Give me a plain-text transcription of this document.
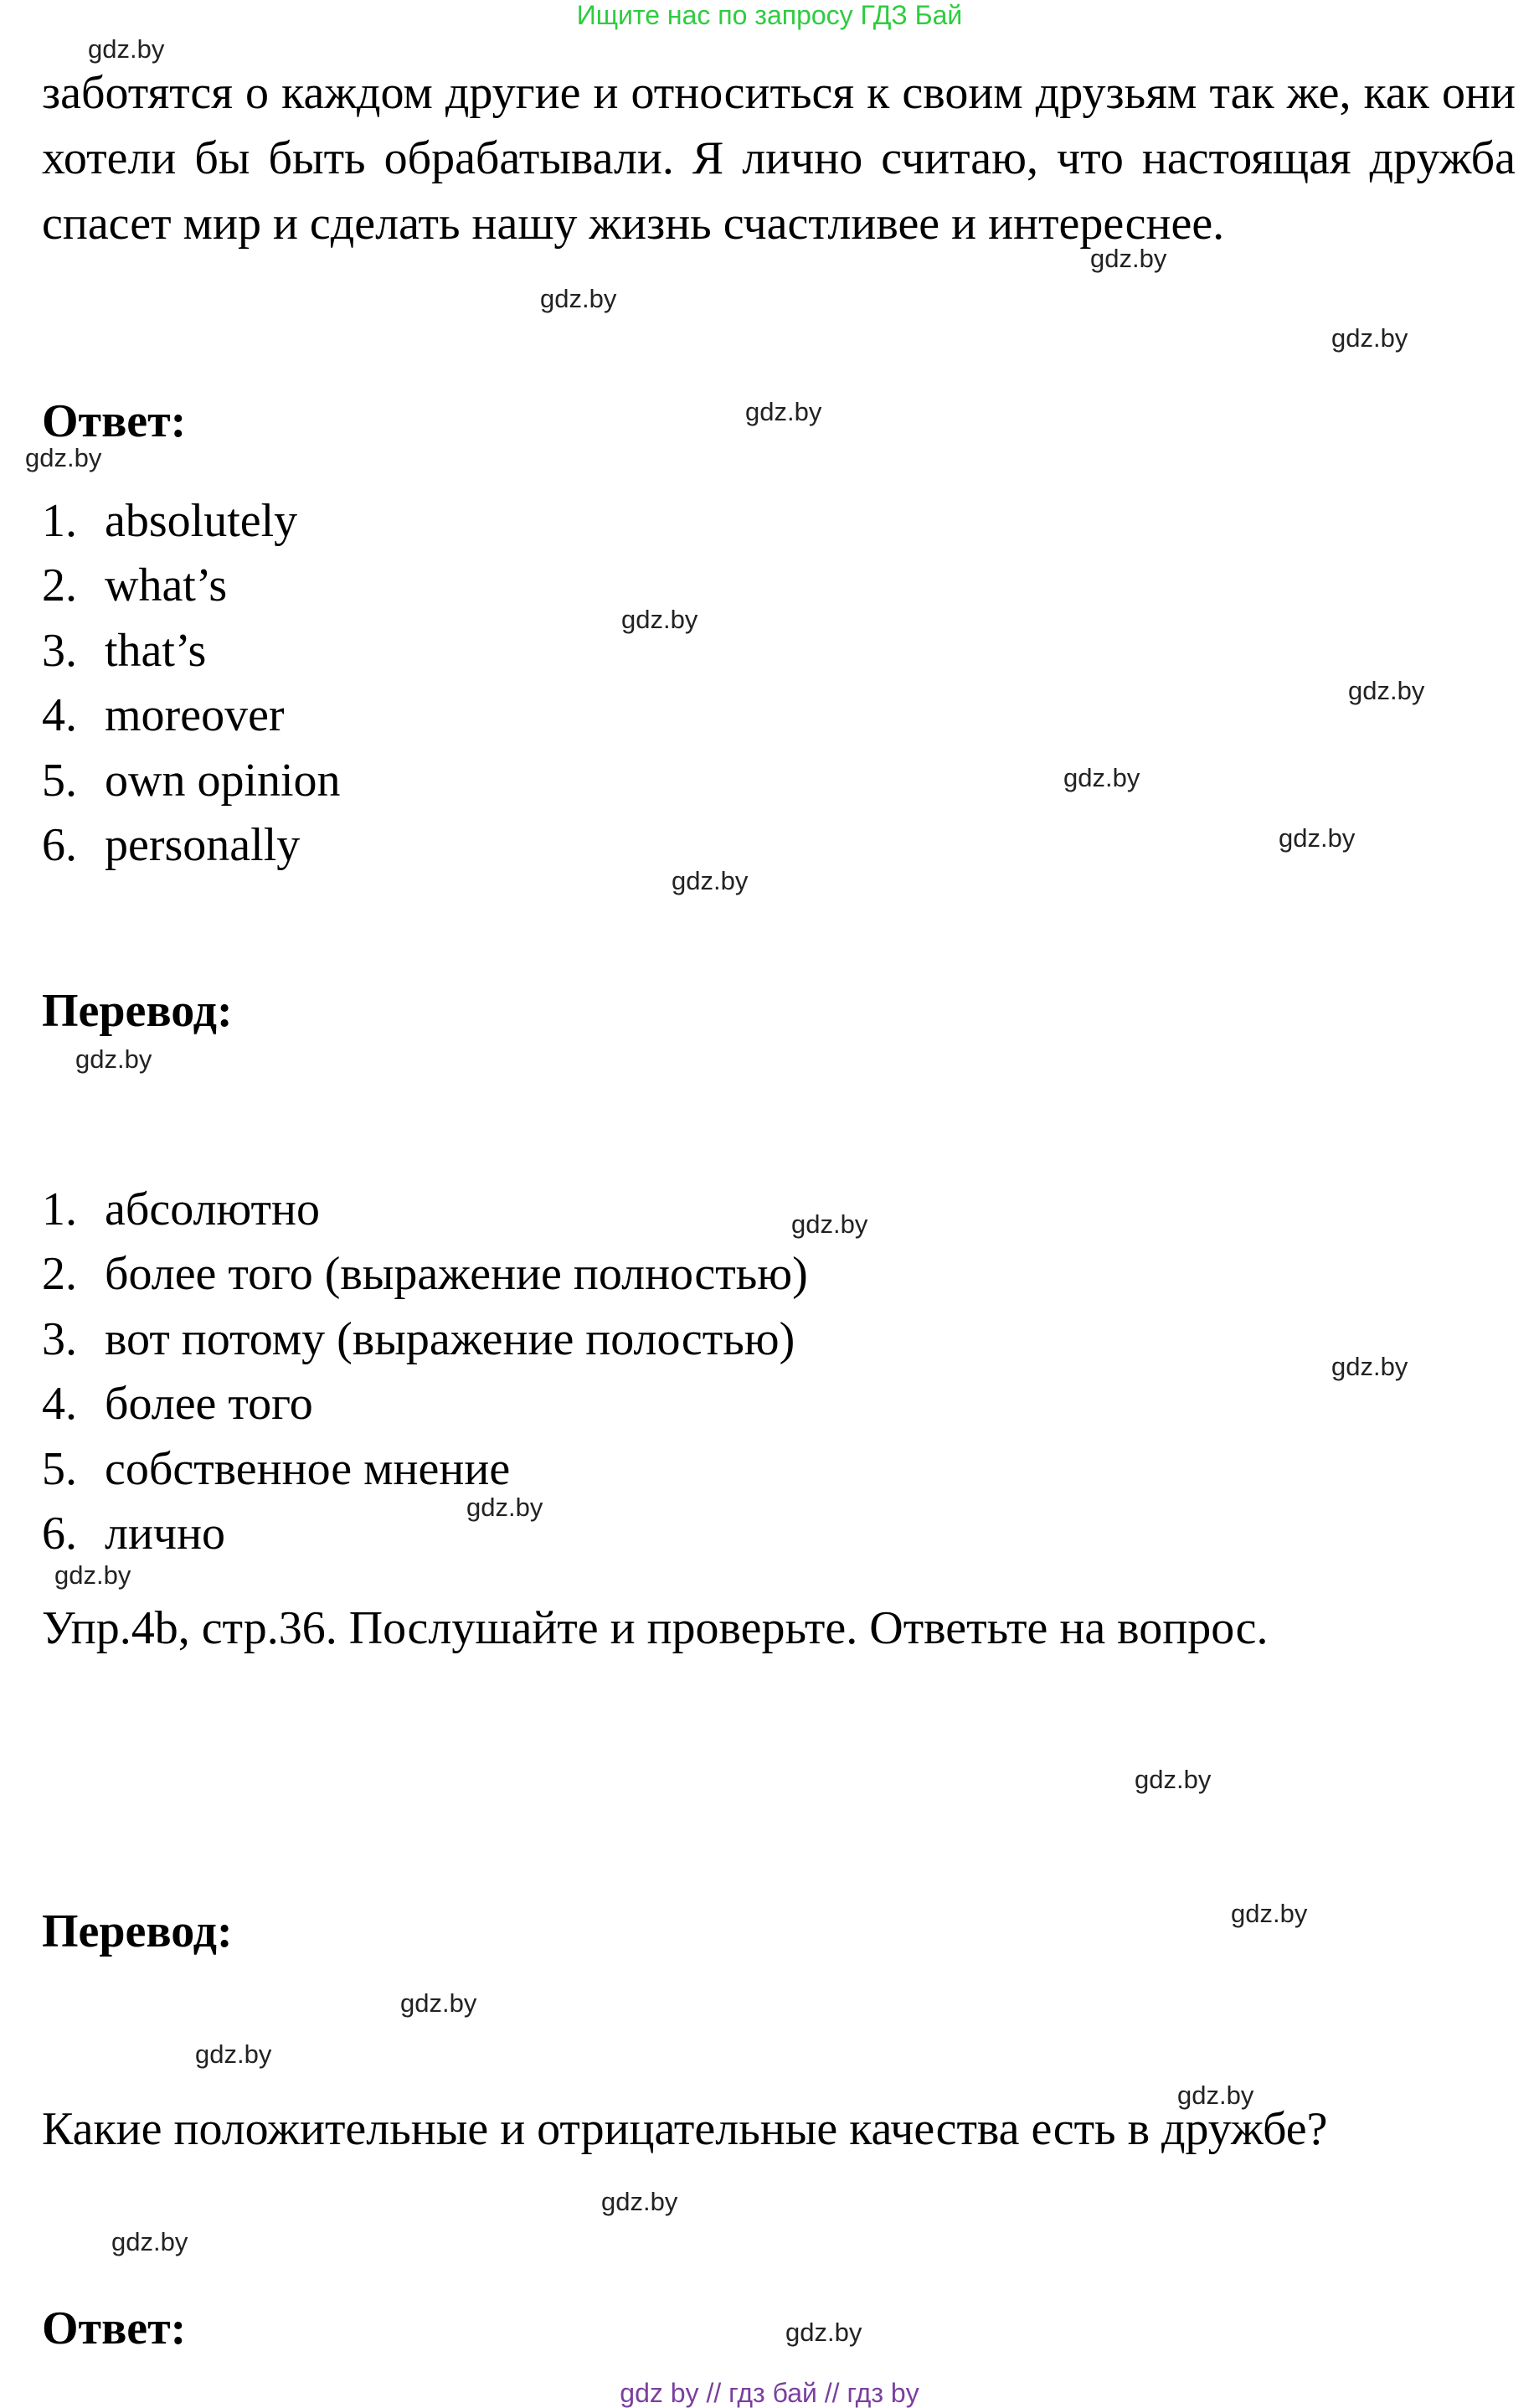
Ищите нас по запросу ГДЗ Бай
gdz.by
gdz.by
gdz.by
gdz.by
gdz.by
gdz.by
gdz.by
gdz.by
gdz.by
gdz.by
gdz.by
gdz.by
gdz.by
gdz.by
gdz.by
gdz.by
gdz.by
gdz.by
gdz.by
gdz.by
gdz.by
gdz.by
gdz.by
gdz.by
заботятся о каждом другие и относиться к своим друзьям так же, как они хотели бы быть обрабатывали. Я лично считаю, что настоящая дружба спасет мир и сделать нашу жизнь счастливее и интереснее.
Ответ:
1. absolutely
2. what’s
3. that’s
4. moreover
5. own opinion
6. personally
Перевод:
1. абсолютно
2. более того (выражение полностью)
3. вот потому (выражение полостью)
4. более того
5. собственное мнение
6. лично
Упр.4b, стр.36. Послушайте и проверьте. Ответьте на вопрос.
Перевод:
Какие положительные и отрицательные качества есть в дружбе?
Ответ:
gdz by // гдз бай // гдз by
